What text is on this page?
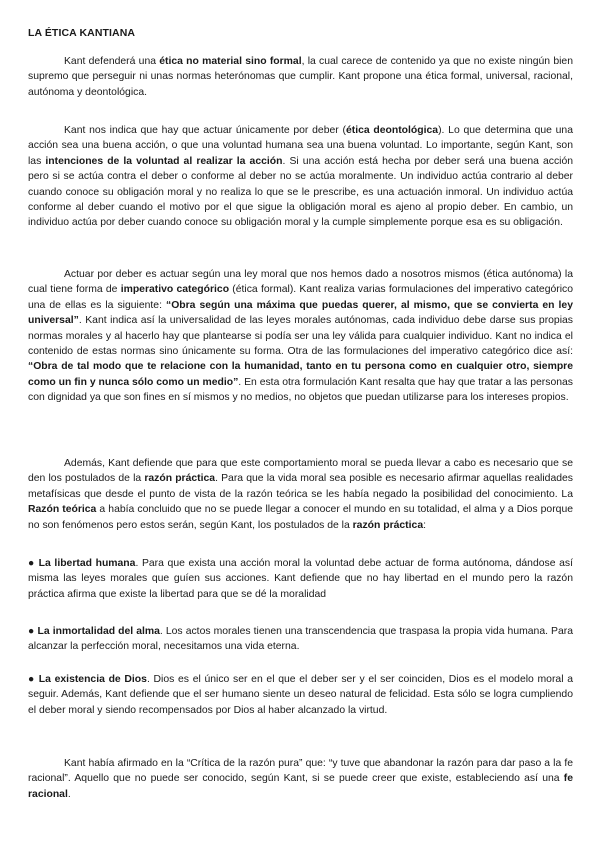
LA ÉTICA KANTIANA

Kant defenderá una ética no material sino formal, la cual carece de contenido ya que no existe ningún bien supremo que perseguir ni unas normas heterónomas que cumplir. Kant propone una ética formal, universal, racional, autónoma y deontológica.

Kant nos indica que hay que actuar únicamente por deber (ética deontológica). Lo que determina que una acción sea una buena acción, o que una voluntad humana sea una buena voluntad. Lo importante, según Kant, son las intenciones de la voluntad al realizar la acción. Si una acción está hecha por deber será una buena acción pero si se actúa contra el deber o conforme al deber no se actúa moralmente. Un individuo actúa contrario al deber cuando conoce su obligación moral y no realiza lo que se le prescribe, es una actuación inmoral. Un individuo actúa conforme al deber cuando el motivo por el que sigue la obligación moral es ajeno al propio deber. En cambio, un individuo actúa por deber cuando conoce su obligación moral y la cumple simplemente porque esa es su obligación.

Actuar por deber es actuar según una ley moral que nos hemos dado a nosotros mismos (ética autónoma) la cual tiene forma de imperativo categórico (ética formal). Kant realiza varias formulaciones del imperativo categórico una de ellas es la siguiente: “Obra según una máxima que puedas querer, al mismo, que se convierta en ley universal”. Kant indica así la universalidad de las leyes morales autónomas, cada individuo debe darse sus propias normas morales y al hacerlo hay que plantearse si podía ser una ley válida para cualquier individuo. Kant no indica el contenido de estas normas sino únicamente su forma. Otra de las formulaciones del imperativo categórico dice así: “Obra de tal modo que te relacione con la humanidad, tanto en tu persona como en cualquier otro, siempre como un fin y nunca sólo como un medio”. En esta otra formulación Kant resalta que hay que tratar a las personas con dignidad ya que son fines en sí mismos y no medios, no objetos que puedan utilizarse para los intereses propios.

Además, Kant defiende que para que este comportamiento moral se pueda llevar a cabo es necesario que se den los postulados de la razón práctica. Para que la vida moral sea posible es necesario afirmar aquellas realidades metafísicas que desde el punto de vista de la razón teórica se les había negado la posibilidad del conocimiento. La Razón teórica a había concluido que no se puede llegar a conocer el mundo en su totalidad, el alma y a Dios porque no son fenómenos pero estos serán, según Kant, los postulados de la razón práctica:

● La libertad humana. Para que exista una acción moral la voluntad debe actuar de forma autónoma, dándose así misma las leyes morales que guíen sus acciones. Kant defiende que no hay libertad en el mundo pero la razón práctica afirma que existe la libertad para que se dé la moralidad

● La inmortalidad del alma. Los actos morales tienen una transcendencia que traspasa la propia vida humana. Para alcanzar la perfección moral, necesitamos una vida eterna.

● La existencia de Dios. Dios es el único ser en el que el deber ser y el ser coinciden, Dios es el modelo moral a seguir. Además, Kant defiende que el ser humano siente un deseo natural de felicidad. Esta sólo se logra cumpliendo el deber moral y siendo recompensados por Dios al haber alcanzado la virtud.

Kant había afirmado en la “Crítica de la razón pura” que: “y tuve que abandonar la razón para dar paso a la fe racional”. Aquello que no puede ser conocido, según Kant, si se puede creer que existe, estableciendo así una fe racional.
